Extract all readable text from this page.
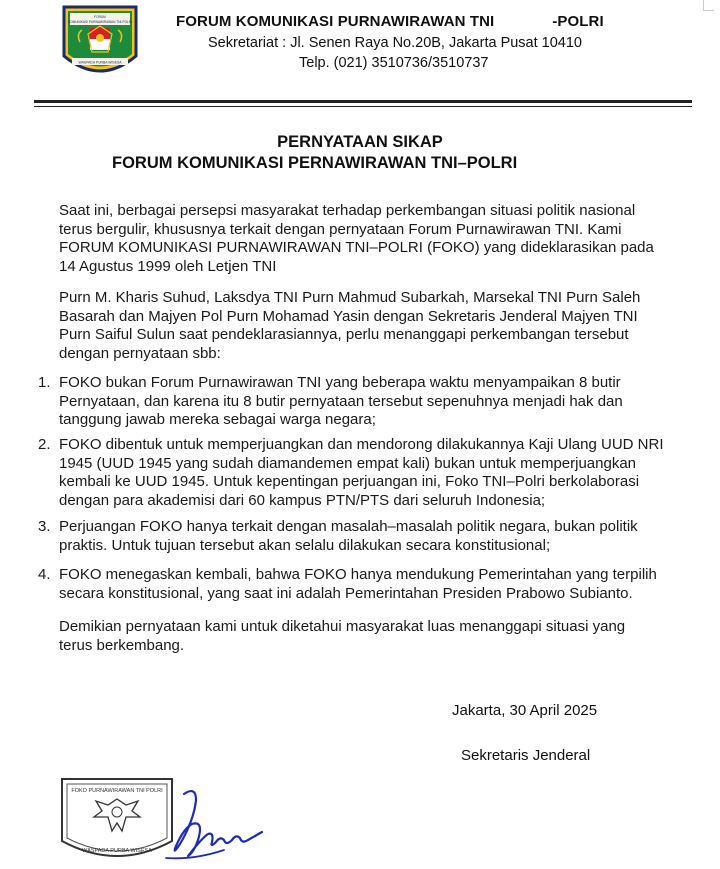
FORUM
KOMUNIKASI PURNAWIRAWAN TNI-POLRI
WASPADA PURBA WISESA
FORUM KOMUNIKASI PURNAWIRAWAN TNI	-POLRI
Sekretariat : Jl. Senen Raya No.20B, Jakarta Pusat 10410
Telp. (021) 3510736/3510737
PERNYATAAN SIKAP
FORUM KOMUNIKASI PERNAWIRAWAN TNI–POLRI
Saat ini, berbagai persepsi masyarakat terhadap perkembangan situasi politik nasional terus bergulir, khususnya terkait dengan pernyataan Forum Purnawirawan TNI. Kami FORUM KOMUNIKASI PURNAWIRAWAN TNI–POLRI (FOKO) yang dideklarasikan pada 14 Agustus 1999 oleh Letjen TNI
Purn M. Kharis Suhud, Laksdya TNI Purn Mahmud Subarkah, Marsekal TNI Purn Saleh Basarah dan Majyen Pol Purn Mohamad Yasin dengan Sekretaris Jenderal Majyen TNI Purn Saiful Sulun saat pendeklarasiannya, perlu menanggapi perkembangan tersebut dengan pernyataan sbb:
1. FOKO bukan Forum Purnawirawan TNI yang beberapa waktu menyampaikan 8 butir Pernyataan, dan karena itu 8 butir pernyataan tersebut sepenuhnya menjadi hak dan tanggung jawab mereka sebagai warga negara;
2. FOKO dibentuk untuk memperjuangkan dan mendorong dilakukannya Kaji Ulang UUD NRI 1945 (UUD 1945 yang sudah diamandemen empat kali) bukan untuk memperjuangkan kembali ke UUD 1945. Untuk kepentingan perjuangan ini, Foko TNI–Polri berkolaborasi dengan para akademisi dari 60 kampus PTN/PTS dari seluruh Indonesia;
3. Perjuangan FOKO hanya terkait dengan masalah–masalah politik negara, bukan politik praktis. Untuk tujuan tersebut akan selalu dilakukan secara konstitusional;
4. FOKO menegaskan kembali, bahwa FOKO hanya mendukung Pemerintahan yang terpilih secara konstitusional, yang saat ini adalah Pemerintahan Presiden Prabowo Subianto.
Demikian pernyataan kami untuk diketahui masyarakat luas menanggapi situasi yang terus berkembang.
Jakarta, 30 April 2025
Sekretaris Jenderal
FOKO PURNAWIRAWAN TNI POLRI
WASPADA PURBA WISESA
